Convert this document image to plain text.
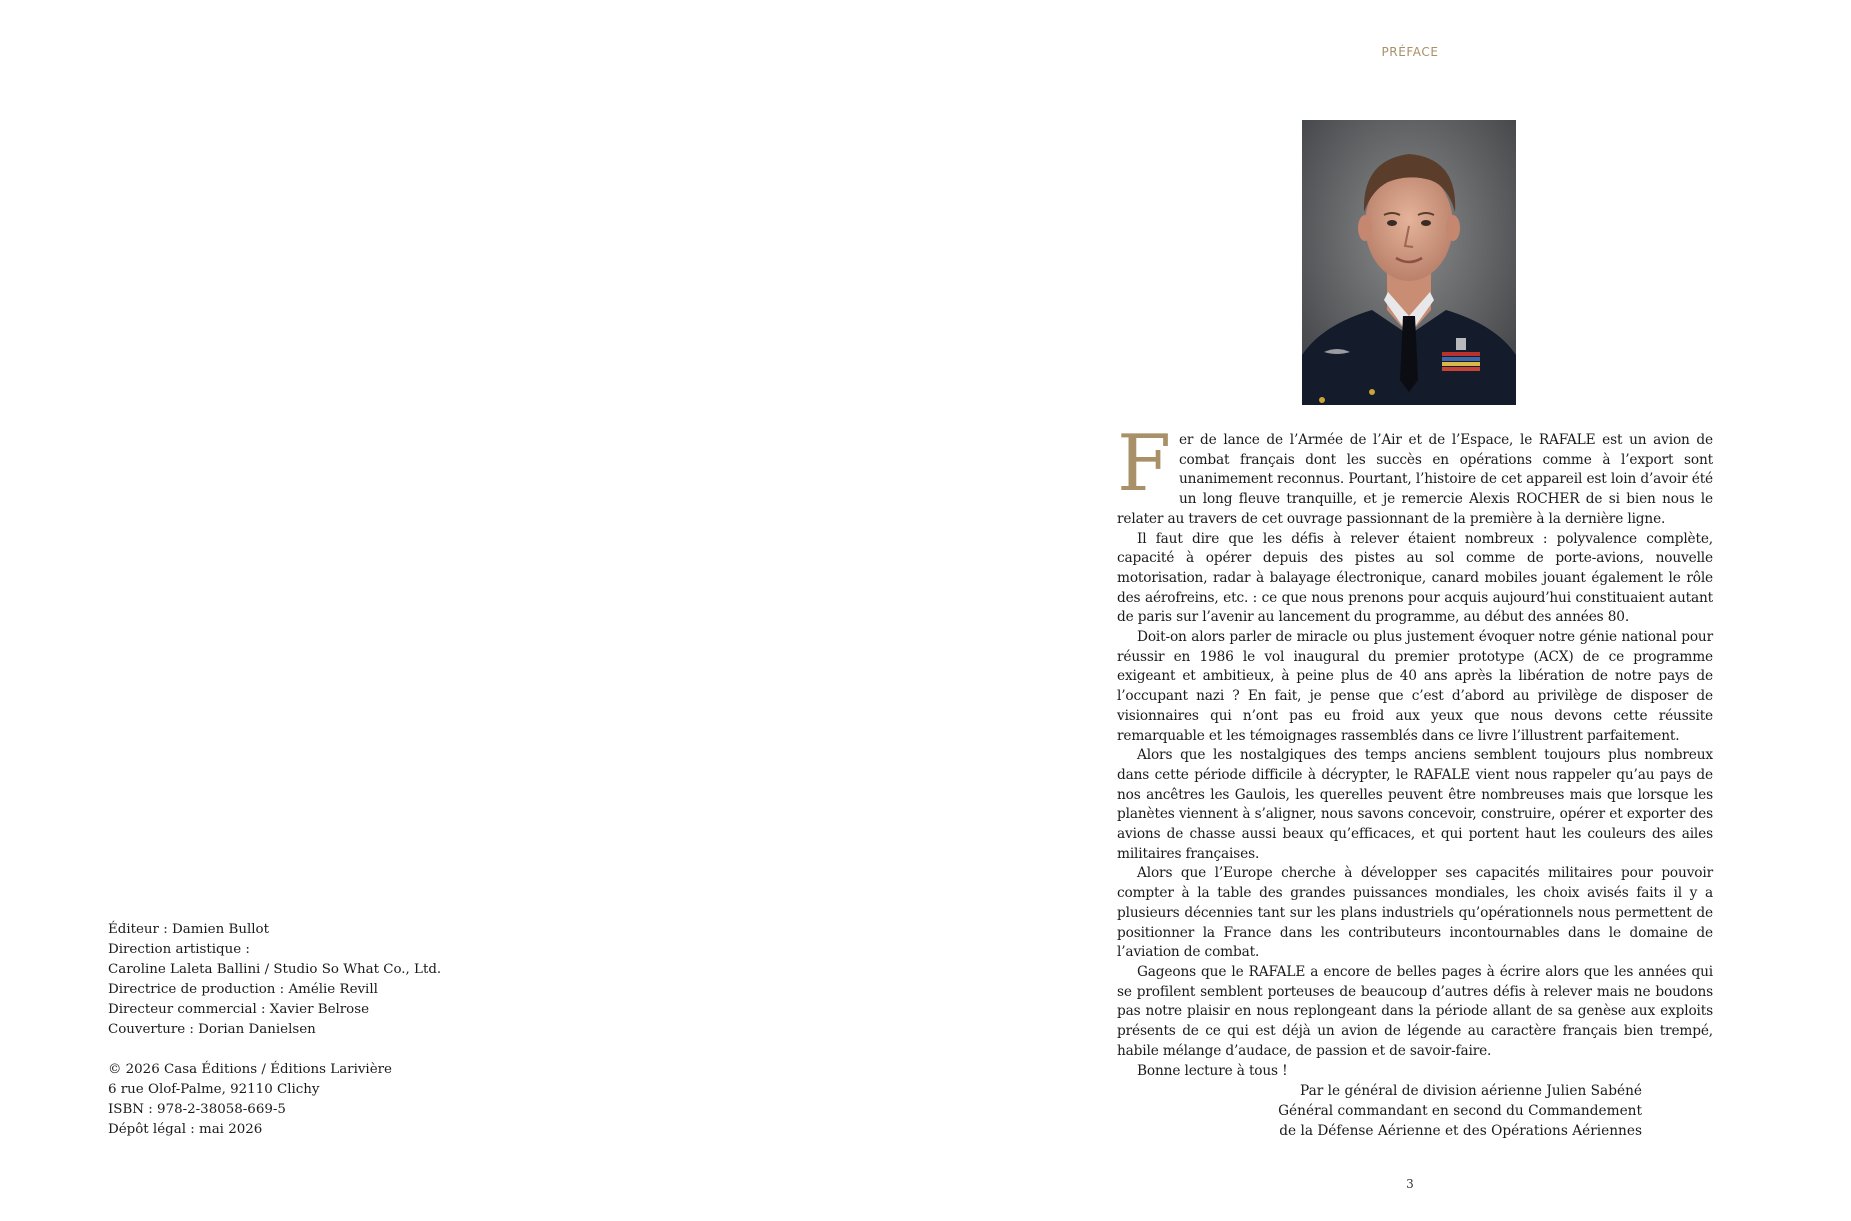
Éditeur : Damien Bullot
Direction artistique :
Caroline Laleta Ballini / Studio So What Co., Ltd.
Directrice de production : Amélie Revill
Directeur commercial : Xavier Belrose
Couverture : Dorian Danielsen
© 2026 Casa Éditions / Éditions Larivière
6 rue Olof-Palme, 92110 Clichy
ISBN : 978-2-38058-669-5
Dépôt légal : mai 2026
PRÉFACE

Fer de lance de l’Armée de l’Air et de l’Espace, le RAFALE est un avion de combat français dont les succès en opérations comme à l’export sont unanimement reconnus. Pourtant, l’histoire de cet appareil est loin d’avoir été un long fleuve tranquille, et je remercie Alexis ROCHER de si bien nous le relater au travers de cet ouvrage passionnant de la première à la dernière ligne.

Il faut dire que les défis à relever étaient nombreux : polyvalence complète, capacité à opérer depuis des pistes au sol comme de porte-avions, nouvelle motorisation, radar à balayage électronique, canard mobiles jouant également le rôle des aérofreins, etc. : ce que nous prenons pour acquis aujourd’hui constituaient autant de paris sur l’avenir au lancement du programme, au début des années 80.

Doit-on alors parler de miracle ou plus justement évoquer notre génie national pour réussir en 1986 le vol inaugural du premier prototype (ACX) de ce programme exigeant et ambitieux, à peine plus de 40 ans après la libération de notre pays de l’occupant nazi ? En fait, je pense que c’est d’abord au privilège de disposer de visionnaires qui n’ont pas eu froid aux yeux que nous devons cette réussite remarquable et les témoignages rassemblés dans ce livre l’illustrent parfaitement.

Alors que les nostalgiques des temps anciens semblent toujours plus nombreux dans cette période difficile à décrypter, le RAFALE vient nous rappeler qu’au pays de nos ancêtres les Gaulois, les querelles peuvent être nombreuses mais que lorsque les planètes viennent à s’aligner, nous savons concevoir, construire, opérer et exporter des avions de chasse aussi beaux qu’efficaces, et qui portent haut les couleurs des ailes militaires françaises.

Alors que l’Europe cherche à développer ses capacités militaires pour pouvoir compter à la table des grandes puissances mondiales, les choix avisés faits il y a plusieurs décennies tant sur les plans industriels qu’opérationnels nous permettent de positionner la France dans les contributeurs incontournables dans le domaine de l’aviation de combat.

Gageons que le RAFALE a encore de belles pages à écrire alors que les années qui se profilent semblent porteuses de beaucoup d’autres défis à relever mais ne boudons pas notre plaisir en nous replongeant dans la période allant de sa genèse aux exploits présents de ce qui est déjà un avion de légende au caractère français bien trempé, habile mélange d’audace, de passion et de savoir-faire.

Bonne lecture à tous !

Par le général de division aérienne Julien Sabéné
Général commandant en second du Commandement
de la Défense Aérienne et des Opérations Aériennes
3
